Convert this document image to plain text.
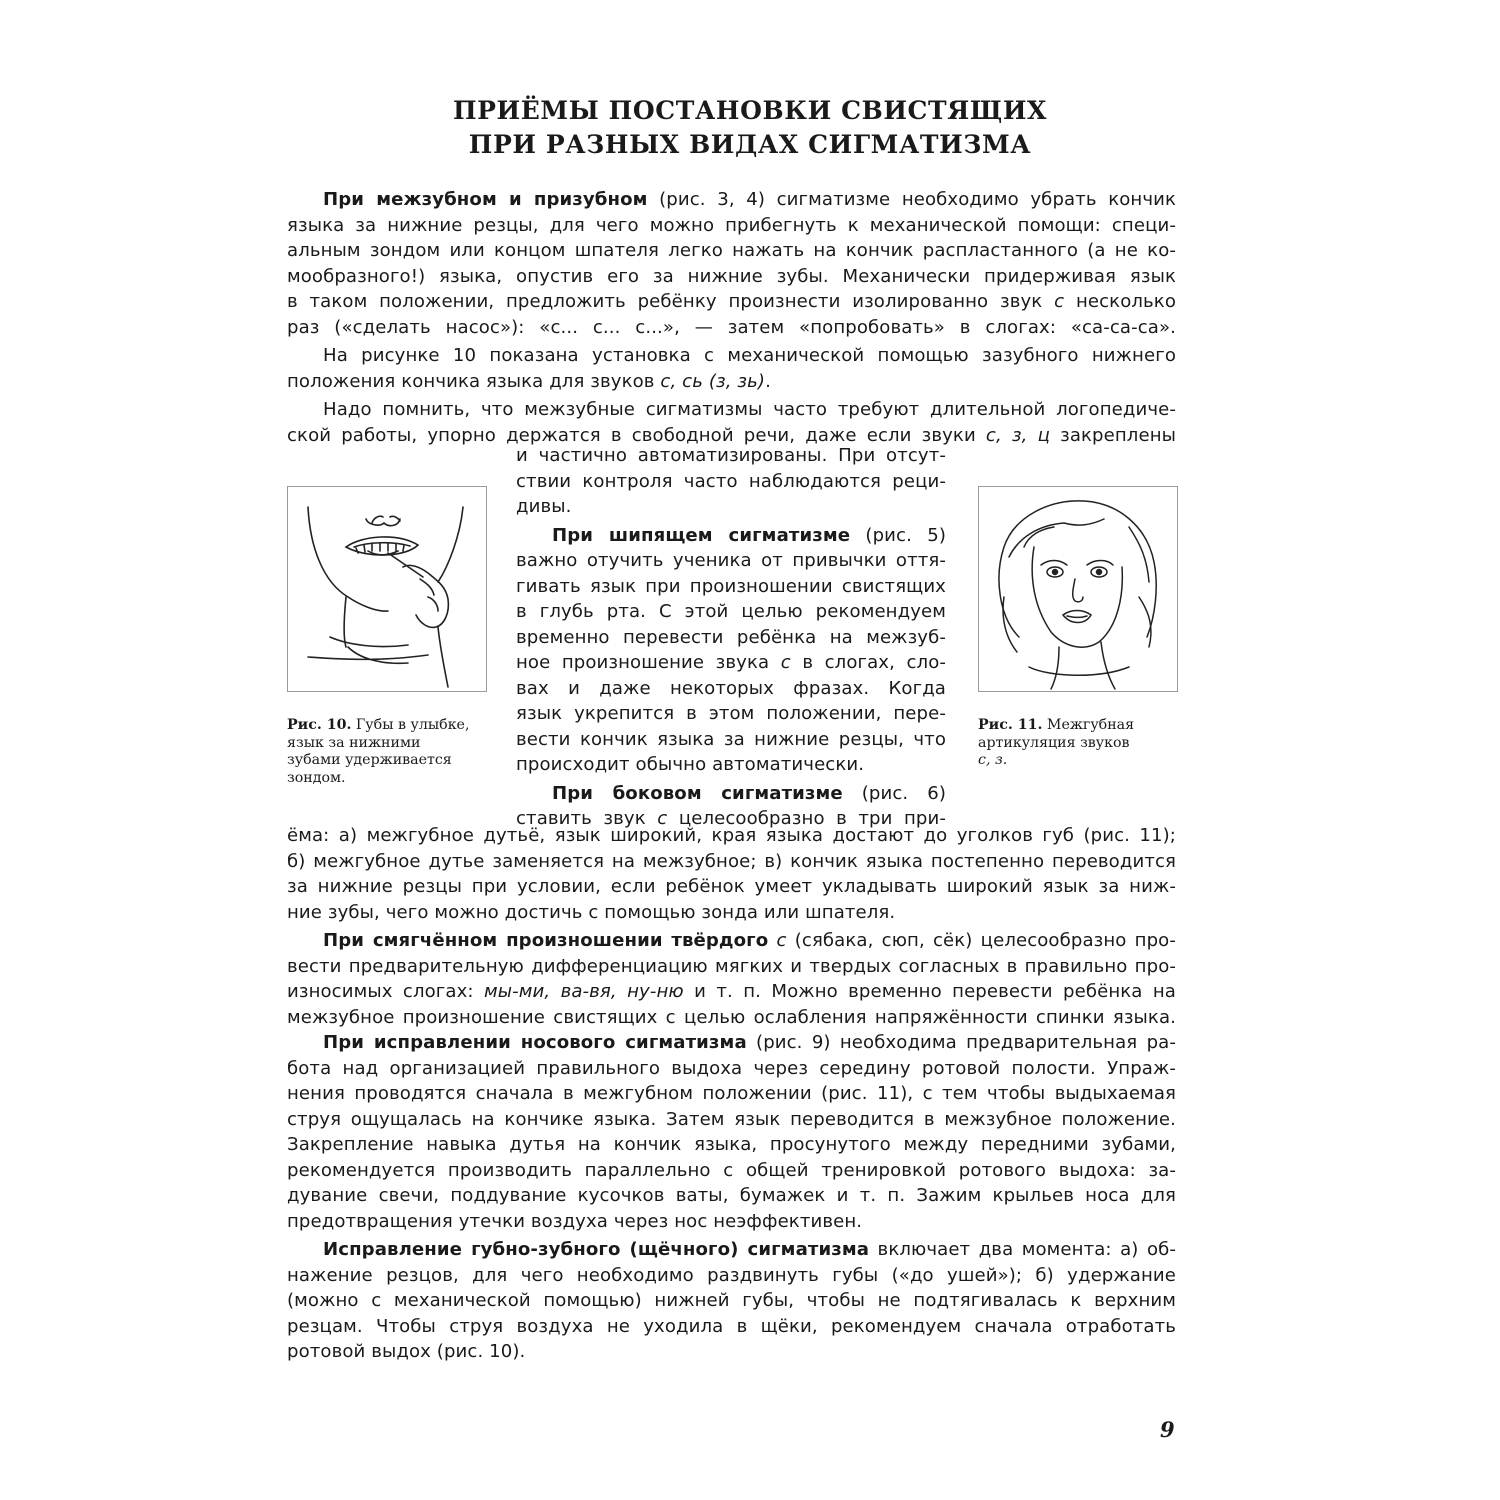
ПРИЁМЫ ПОСТАНОВКИ СВИСТЯЩИХ
ПРИ РАЗНЫХ ВИДАХ СИГМАТИЗМА
При межзубном и призубном (рис. 3, 4) сигматизме необходимо убрать кончик
языка за нижние резцы, для чего можно прибегнуть к механической помощи: специ-
альным зондом или концом шпателя легко нажать на кончик распластанного (а не ко-
мообразного!) языка, опустив его за нижние зубы. Механически придерживая язык
в таком положении, предложить ребёнку произнести изолированно звук с несколько
раз («сделать насос»): «с... с... с...», — затем «попробовать» в слогах: «са-са-са».
На рисунке 10 показана установка с механической помощью зазубного нижнего
положения кончика языка для звуков с, сь (з, зь).
Надо помнить, что межзубные сигматизмы часто требуют длительной логопедиче-
ской работы, упорно держатся в свободной речи, даже если звуки с, з, ц закреплены
Рис. 10. Губы в улыбке,
язык за нижними
зубами удерживается
зондом.
и частично автоматизированы. При отсут-
ствии контроля часто наблюдаются реци-
дивы.
При шипящем сигматизме (рис. 5)
важно отучить ученика от привычки оття-
гивать язык при произношении свистящих
в глубь рта. С этой целью рекомендуем
временно перевести ребёнка на межзуб-
ное произношение звука с в слогах, сло-
вах и даже некоторых фразах. Когда
язык укрепится в этом положении, пере-
вести кончик языка за нижние резцы, что
происходит обычно автоматически.
При боковом сигматизме (рис. 6)
ставить звук с целесообразно в три при-
Рис. 11. Межгубная
артикуляция звуков
с, з.
ёма: а) межгубное дутьё, язык широкий, края языка достают до уголков губ (рис. 11);
б) межгубное дутье заменяется на межзубное; в) кончик языка постепенно переводится
за нижние резцы при условии, если ребёнок умеет укладывать широкий язык за ниж-
ние зубы, чего можно достичь с помощью зонда или шпателя.
При смягчённом произношении твёрдого с (сябака, сюп, сёк) целесообразно про-
вести предварительную дифференциацию мягких и твердых согласных в правильно про-
износимых слогах: мы-ми, ва-вя, ну-ню и т. п. Можно временно перевести ребёнка на
межзубное произношение свистящих с целью ослабления напряжённости спинки языка.
При исправлении носового сигматизма (рис. 9) необходима предварительная ра-
бота над организацией правильного выдоха через середину ротовой полости. Упраж-
нения проводятся сначала в межгубном положении (рис. 11), с тем чтобы выдыхаемая
струя ощущалась на кончике языка. Затем язык переводится в межзубное положение.
Закрепление навыка дутья на кончик языка, просунутого между передними зубами,
рекомендуется производить параллельно с общей тренировкой ротового выдоха: за-
дувание свечи, поддувание кусочков ваты, бумажек и т. п. Зажим крыльев носа для
предотвращения утечки воздуха через нос неэффективен.
Исправление губно-зубного (щёчного) сигматизма включает два момента: а) об-
нажение резцов, для чего необходимо раздвинуть губы («до ушей»); б) удержание
(можно с механической помощью) нижней губы, чтобы не подтягивалась к верхним
резцам. Чтобы струя воздуха не уходила в щёки, рекомендуем сначала отработать
ротовой выдох (рис. 10).
9
